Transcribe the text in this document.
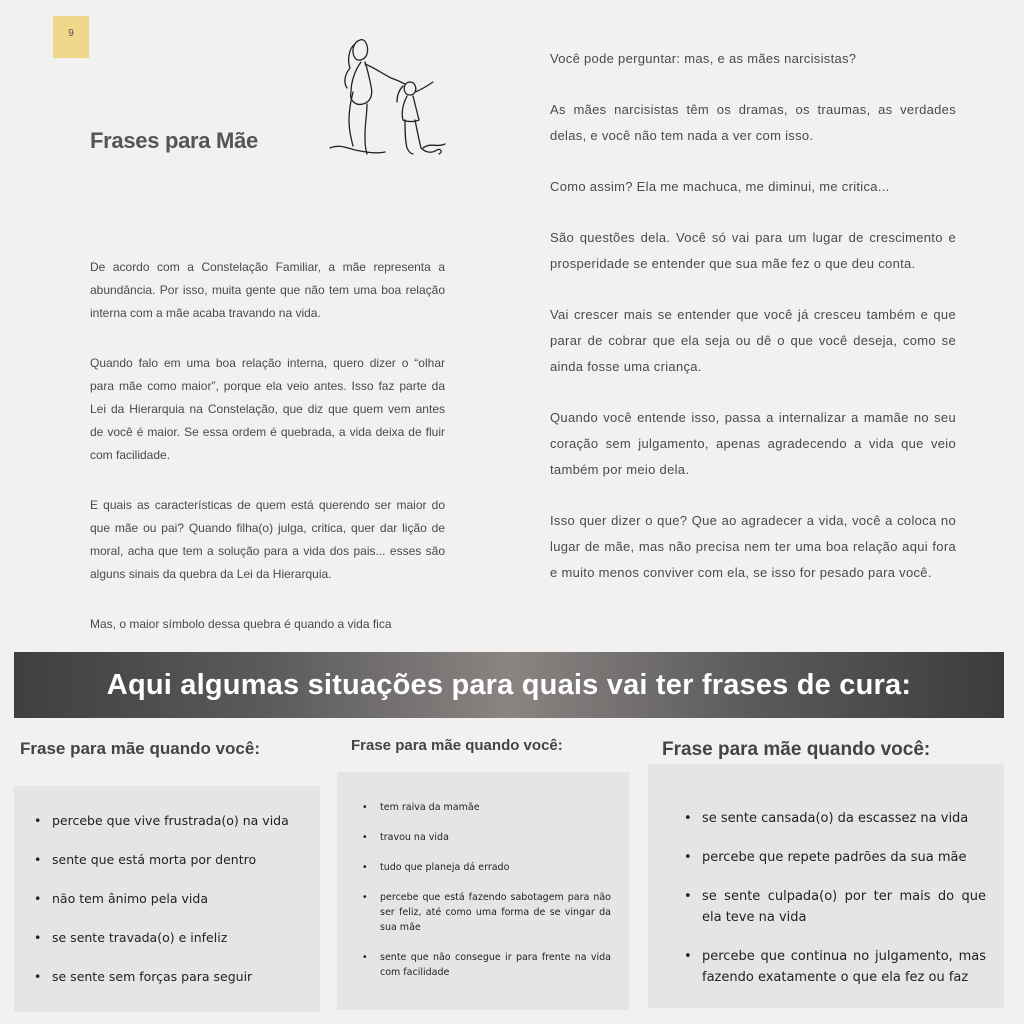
9
Frases para Mãe

De acordo com a Constelação Familiar, a mãe representa a abundância. Por isso, muita gente que não tem uma boa relação interna com a mãe acaba travando na vida.

Quando falo em uma boa relação interna, quero dizer o “olhar para mãe como maior”, porque ela veio antes. Isso faz parte da Lei da Hierarquia na Constelação, que diz que quem vem antes de você é maior. Se essa ordem é quebrada, a vida deixa de fluir com facilidade.

E quais as características de quem está querendo ser maior do que mãe ou pai? Quando filha(o) julga, critica, quer dar lição de moral, acha que tem a solução para a vida dos pais... esses são alguns sinais da quebra da Lei da Hierarquia.

Mas, o maior símbolo dessa quebra é quando a vida fica

Você pode perguntar: mas, e as mães narcisistas?

As mães narcisistas têm os dramas, os traumas, as verdades delas, e você não tem nada a ver com isso.

Como assim? Ela me machuca, me diminui, me critica...

São questões dela. Você só vai para um lugar de crescimento e prosperidade se entender que sua mãe fez o que deu conta.

Vai crescer mais se entender que você já cresceu também e que parar de cobrar que ela seja ou dê o que você deseja, como se ainda fosse uma criança.

Quando você entende isso, passa a internalizar a mamãe no seu coração sem julgamento, apenas agradecendo a vida que veio também por meio dela.

Isso quer dizer o que? Que ao agradecer a vida, você a coloca no lugar de mãe, mas não precisa nem ter uma boa relação aqui fora e muito menos conviver com ela, se isso for pesado para você.

Aqui algumas situações para quais vai ter frases de cura:
Frase para mãe quando você:
• percebe que vive frustrada(o) na vida
• sente que está morta por dentro
• não tem ânimo pela vida
• se sente travada(o) e infeliz
• se sente sem forças para seguir
Frase para mãe quando você:
• tem raiva da mamãe
• travou na vida
• tudo que planeja dá errado
• percebe que está fazendo sabotagem para não ser feliz, até como uma forma de se vingar da sua mãe
• sente que não consegue ir para frente na vida com facilidade
Frase para mãe quando você:
• se sente cansada(o) da escassez na vida
• percebe que repete padrões da sua mãe
• se sente culpada(o) por ter mais do que ela teve na vida
• percebe que continua no julgamento, mas fazendo exatamente o que ela fez ou faz
